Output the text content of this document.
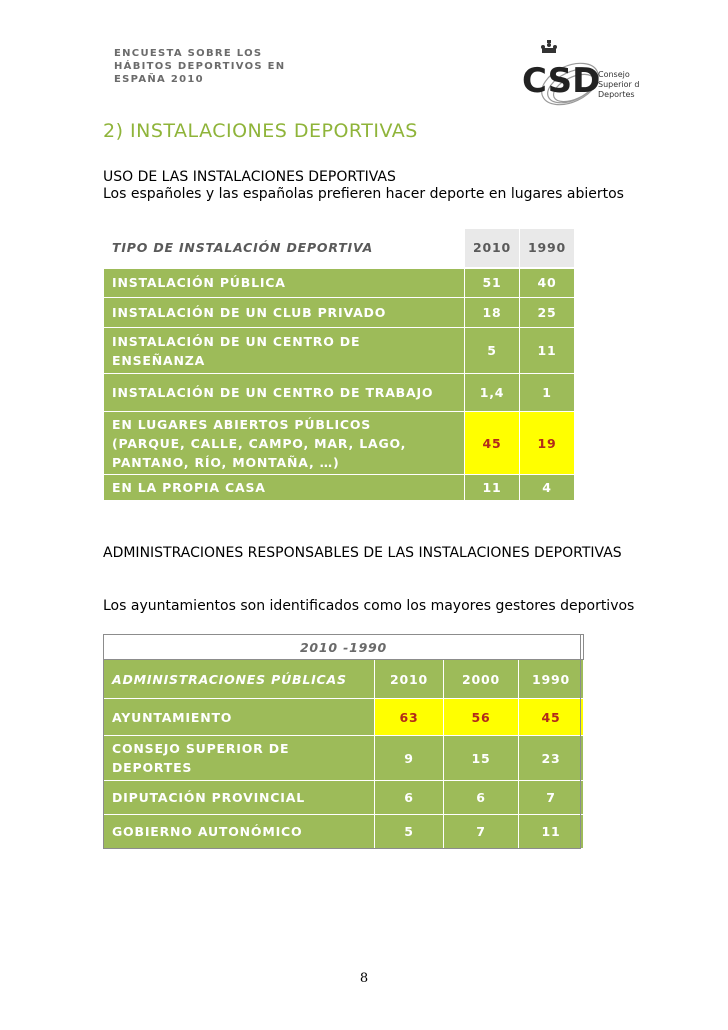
ENCUESTA SOBRE LOS
HÁBITOS DEPORTIVOS EN
ESPAÑA 2010	CSD
Consejo
Superior de
Deportes
2) INSTALACIONES DEPORTIVAS
USO DE LAS INSTALACIONES DEPORTIVAS
Los españoles y las españolas prefieren hacer deporte en lugares abiertos
TIPO DE INSTALACIÓN DEPORTIVA	2010	1990
INSTALACIÓN PÚBLICA	51	40
INSTALACIÓN DE UN CLUB PRIVADO	18	25

INSTALACIÓN DE UN CENTRO DE ENSEÑANZA	5	11
INSTALACIÓN DE UN CENTRO DE TRABAJO	1,4	1

EN LUGARES ABIERTOS PÚBLICOS (PARQUE, CALLE, CAMPO, MAR, LAGO, PANTANO, RÍO, MONTAÑA, …)	45	19
EN LA PROPIA CASA	11	4
ADMINISTRACIONES RESPONSABLES DE LAS INSTALACIONES DEPORTIVAS
Los ayuntamientos son identificados como los mayores gestores deportivos
2010 -1990			
ADMINISTRACIONES PÚBLICAS	2010	2000	1990
AYUNTAMIENTO	63	56	45

CONSEJO SUPERIOR DE DEPORTES	9	15	23
DIPUTACIÓN PROVINCIAL	6	6	7
GOBIERNO AUTONÓMICO	5	7	11
8
